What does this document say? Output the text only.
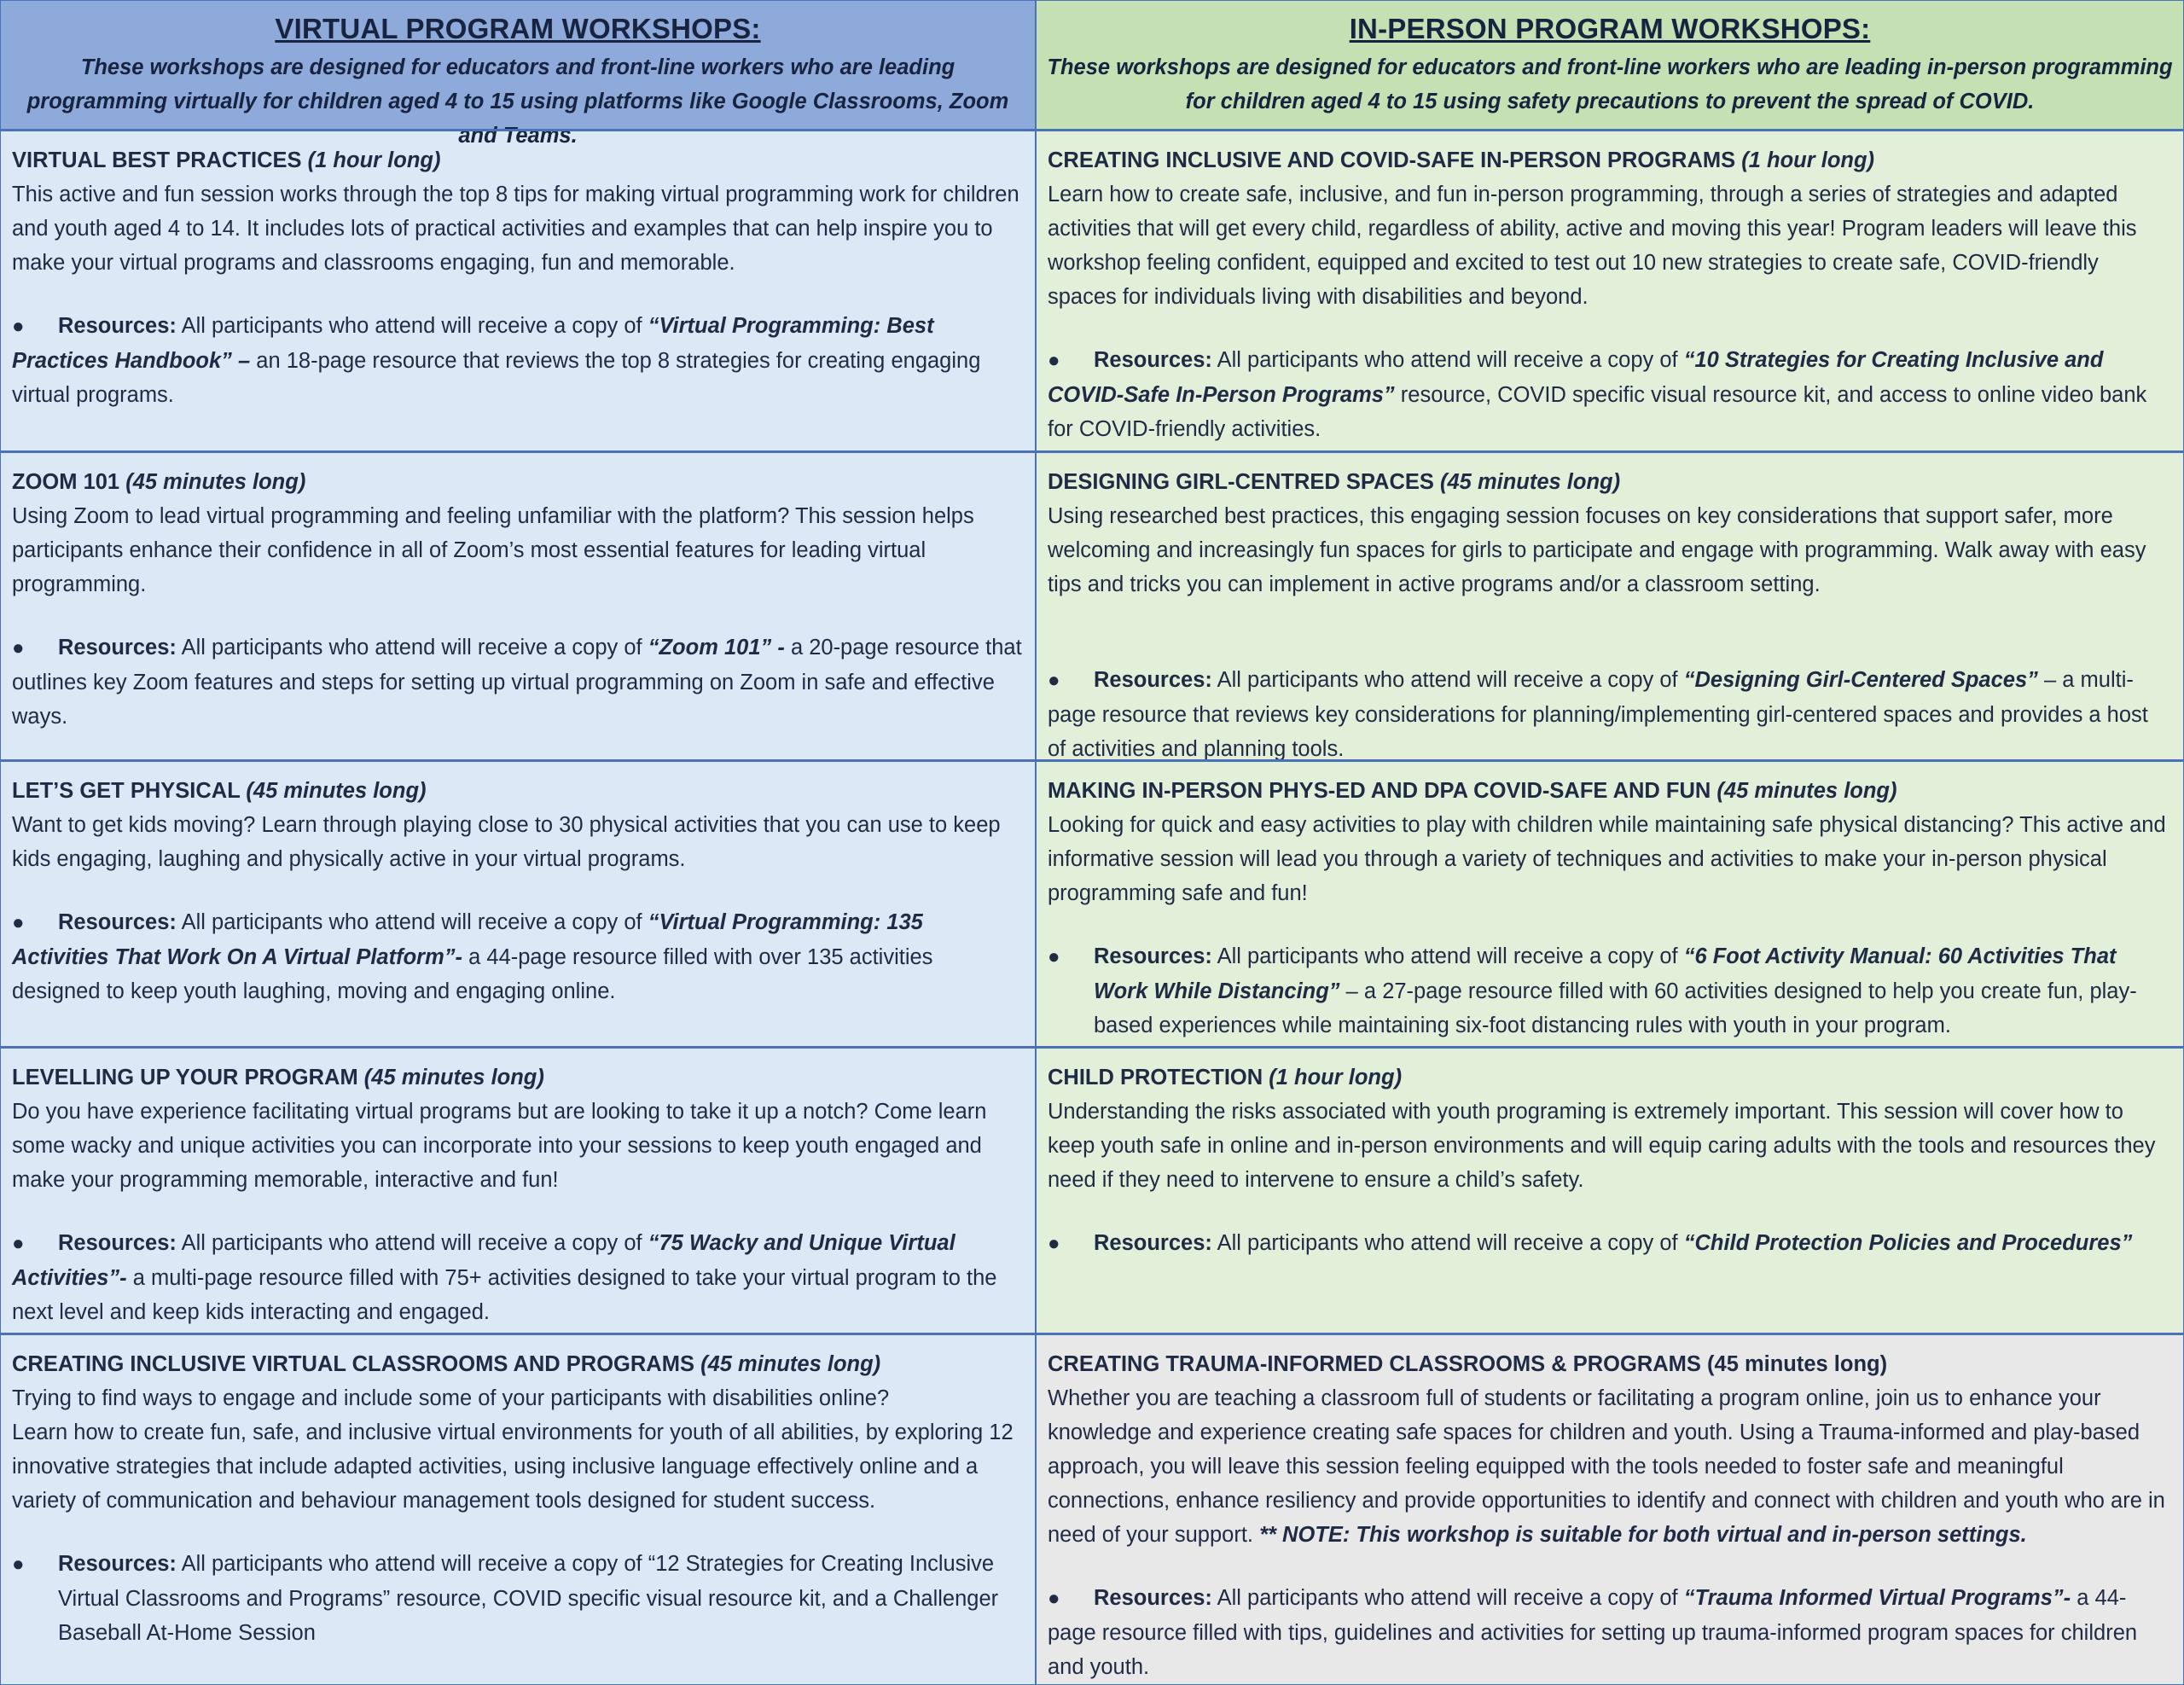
VIRTUAL PROGRAM WORKSHOPS:

These workshops are designed for educators and front-line workers who are leading programming virtually for children aged 4 to 15 using platforms like Google Classrooms, Zoom and Teams.

VIRTUAL BEST PRACTICES (1 hour long)
This active and fun session works through the top 8 tips for making virtual programming work for children and youth aged 4 to 14. It includes lots of practical activities and examples that can help inspire you to make your virtual programs and classrooms engaging, fun and memorable.
● Resources: All participants who attend will receive a copy of “Virtual Programming: Best Practices Handbook” – an 18-page resource that reviews the top 8 strategies for creating engaging virtual programs.
ZOOM 101 (45 minutes long)
Using Zoom to lead virtual programming and feeling unfamiliar with the platform? This session helps participants enhance their confidence in all of Zoom’s most essential features for leading virtual programming.
● Resources: All participants who attend will receive a copy of “Zoom 101” - a 20-page resource that outlines key Zoom features and steps for setting up virtual programming on Zoom in safe and effective ways.
LET’S GET PHYSICAL (45 minutes long)
Want to get kids moving? Learn through playing close to 30 physical activities that you can use to keep kids engaging, laughing and physically active in your virtual programs.
● Resources: All participants who attend will receive a copy of “Virtual Programming: 135 Activities That Work On A Virtual Platform”- a 44-page resource filled with over 135 activities designed to keep youth laughing, moving and engaging online.
LEVELLING UP YOUR PROGRAM (45 minutes long)
Do you have experience facilitating virtual programs but are looking to take it up a notch? Come learn some wacky and unique activities you can incorporate into your sessions to keep youth engaged and make your programming memorable, interactive and fun!
● Resources: All participants who attend will receive a copy of “75 Wacky and Unique Virtual Activities”- a multi-page resource filled with 75+ activities designed to take your virtual program to the next level and keep kids interacting and engaged.
CREATING INCLUSIVE VIRTUAL CLASSROOMS AND PROGRAMS (45 minutes long)
Trying to find ways to engage and include some of your participants with disabilities online?
Learn how to create fun, safe, and inclusive virtual environments for youth of all abilities, by exploring 12 innovative strategies that include adapted activities, using inclusive language effectively online and a variety of communication and behaviour management tools designed for student success.
● Resources: All participants who attend will receive a copy of “12 Strategies for Creating Inclusive Virtual Classrooms and Programs” resource, COVID specific visual resource kit, and a Challenger Baseball At-Home Session
IN-PERSON PROGRAM WORKSHOPS:

These workshops are designed for educators and front-line workers who are leading in-person programming for children aged 4 to 15 using safety precautions to prevent the spread of COVID.

CREATING INCLUSIVE AND COVID-SAFE IN-PERSON PROGRAMS (1 hour long)
Learn how to create safe, inclusive, and fun in-person programming, through a series of strategies and adapted activities that will get every child, regardless of ability, active and moving this year! Program leaders will leave this workshop feeling confident, equipped and excited to test out 10 new strategies to create safe, COVID-friendly spaces for individuals living with disabilities and beyond.
● Resources: All participants who attend will receive a copy of “10 Strategies for Creating Inclusive and COVID-Safe In-Person Programs” resource, COVID specific visual resource kit, and access to online video bank for COVID-friendly activities.
DESIGNING GIRL-CENTRED SPACES (45 minutes long)
Using researched best practices, this engaging session focuses on key considerations that support safer, more welcoming and increasingly fun spaces for girls to participate and engage with programming. Walk away with easy tips and tricks you can implement in active programs and/or a classroom setting.
● Resources: All participants who attend will receive a copy of “Designing Girl-Centered Spaces” – a multi-page resource that reviews key considerations for planning/implementing girl-centered spaces and provides a host of activities and planning tools.
MAKING IN-PERSON PHYS-ED AND DPA COVID-SAFE AND FUN (45 minutes long)
Looking for quick and easy activities to play with children while maintaining safe physical distancing? This active and informative session will lead you through a variety of techniques and activities to make your in-person physical programming safe and fun!
● Resources: All participants who attend will receive a copy of “6 Foot Activity Manual: 60 Activities That Work While Distancing” – a 27-page resource filled with 60 activities designed to help you create fun, play-based experiences while maintaining six-foot distancing rules with youth in your program.
CHILD PROTECTION (1 hour long)
Understanding the risks associated with youth programing is extremely important. This session will cover how to keep youth safe in online and in-person environments and will equip caring adults with the tools and resources they need if they need to intervene to ensure a child’s safety.
● Resources: All participants who attend will receive a copy of “Child Protection Policies and Procedures”
CREATING TRAUMA-INFORMED CLASSROOMS & PROGRAMS (45 minutes long)
Whether you are teaching a classroom full of students or facilitating a program online, join us to enhance your knowledge and experience creating safe spaces for children and youth. Using a Trauma-informed and play-based approach, you will leave this session feeling equipped with the tools needed to foster safe and meaningful connections, enhance resiliency and provide opportunities to identify and connect with children and youth who are in need of your support. ** NOTE: This workshop is suitable for both virtual and in-person settings.
● Resources: All participants who attend will receive a copy of “Trauma Informed Virtual Programs”- a 44-page resource filled with tips, guidelines and activities for setting up trauma-informed program spaces for children and youth.
